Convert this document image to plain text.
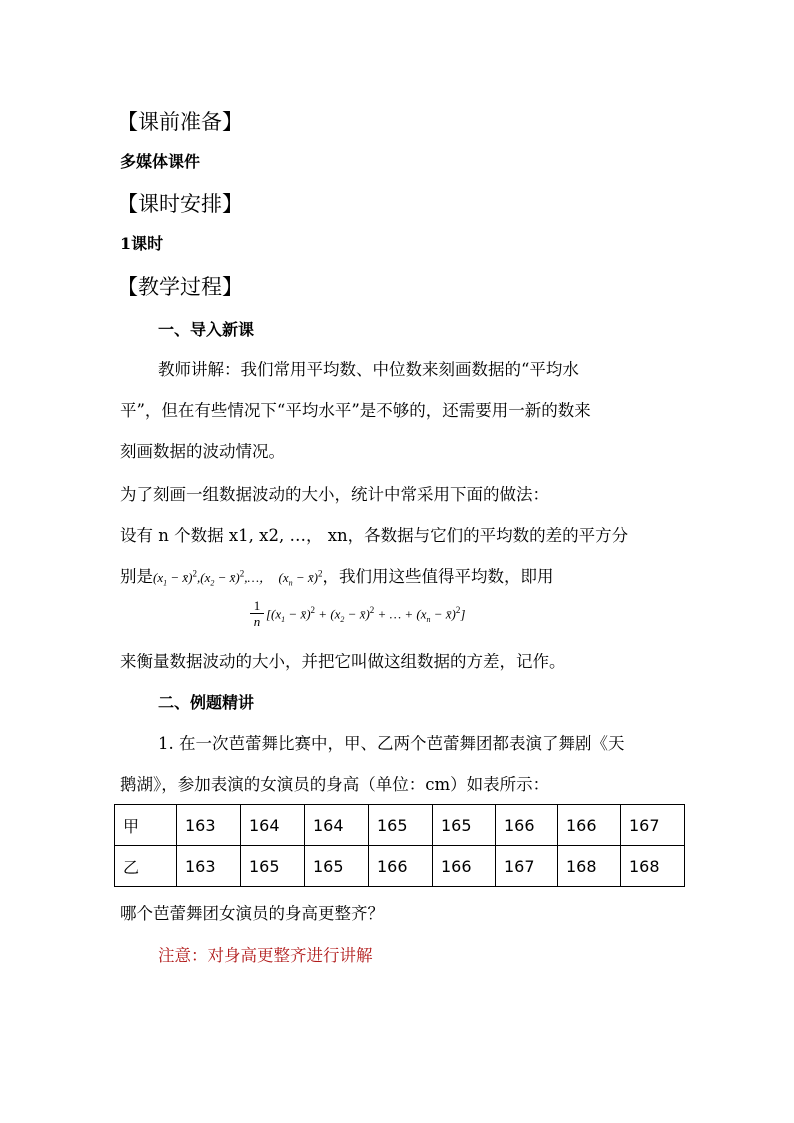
【课前准备】
多媒体课件
【课时安排】
1课时
【教学过程】
一、导入新课
教师讲解：我们常用平均数、中位数来刻画数据的“平均水
平”，但在有些情况下“平均水平”是不够的，还需要用一新的数来
刻画数据的波动情况。
为了刻画一组数据波动的大小，统计中常采用下面的做法：
设有 n 个数据 x1, x2, …， xn，各数据与它们的平均数的差的平方分
别是($x_1$ − $x̄)^2,(x_2$ − x̄)$^2$,…，  ($x_n$ − x̄)$^2$，我们用这些值得平均数，即用
$\frac{1}{n} [(x_1$ − x̄)$^2$ + ($x_2$ − x̄)$^2$ + … + ($x_n$ − x̄)$^2$]
来衡量数据波动的大小，并把它叫做这组数据的方差，记作。
二、例题精讲
1. 在一次芭蕾舞比赛中，甲、乙两个芭蕾舞团都表演了舞剧《天
鹅湖》，参加表演的女演员的身高（单位：cm）如表所示：
甲	163	164	164	165	165	166	166	167
乙	163	165	165	166	166	167	168	168
哪个芭蕾舞团女演员的身高更整齐？
注意：对身高更整齐进行讲解
